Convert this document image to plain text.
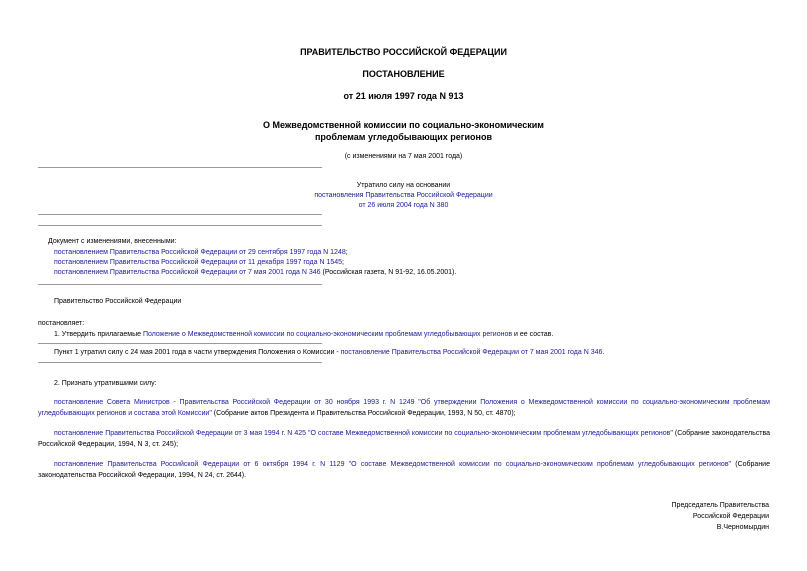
ПРАВИТЕЛЬСТВО РОССИЙСКОЙ ФЕДЕРАЦИИ
ПОСТАНОВЛЕНИЕ
от 21 июля 1997 года N 913
О Межведомственной комиссии по социально-экономическим
проблемам угледобывающих регионов
(с изменениями на 7 мая 2001 года)
Утратило силу на основании
постановления Правительства Российской Федерации
от 26 июля 2004 года N 380
Документ с изменениями, внесенными:
постановлением Правительства Российской Федерации от 29 сентября 1997 года N 1248;
постановлением Правительства Российской Федерации от 11 декабря 1997 года N 1545;
постановлением Правительства Российской Федерации от 7 мая 2001 года N 346 (Российская газета, N 91-92, 16.05.2001).
Правительство Российской Федерации
постановляет:
1. Утвердить прилагаемые Положение о Межведомственной комиссии по социально-экономическим проблемам угледобывающих регионов и ее состав.
Пункт 1 утратил силу с 24 мая 2001 года в части утверждения Положения о Комиссии - постановление Правительства Российской Федерации от 7 мая 2001 года N 346.
2. Признать утратившими силу:
постановление Совета Министров - Правительства Российской Федерации от 30 ноября 1993 г. N 1249 "Об утверждении Положения о Межведомственной комиссии по социально-экономическим проблемам угледобывающих регионов и состава этой Комиссии" (Собрание актов Президента и Правительства Российской Федерации, 1993, N 50, ст. 4870);
постановление Правительства Российской Федерации от 3 мая 1994 г. N 425 "О составе Межведомственной комиссии по социально-экономическим проблемам угледобывающих регионов" (Собрание законодательства Российской Федерации, 1994, N 3, ст. 245);
постановление Правительства Российской Федерации от 6 октября 1994 г. N 1129 "О составе Межведомственной комиссии по социально-экономическим проблемам угледобывающих регионов" (Собрание законодательства Российской Федерации, 1994, N 24, ст. 2644).
Председатель Правительства
Российской Федерации
В.Черномырдин
